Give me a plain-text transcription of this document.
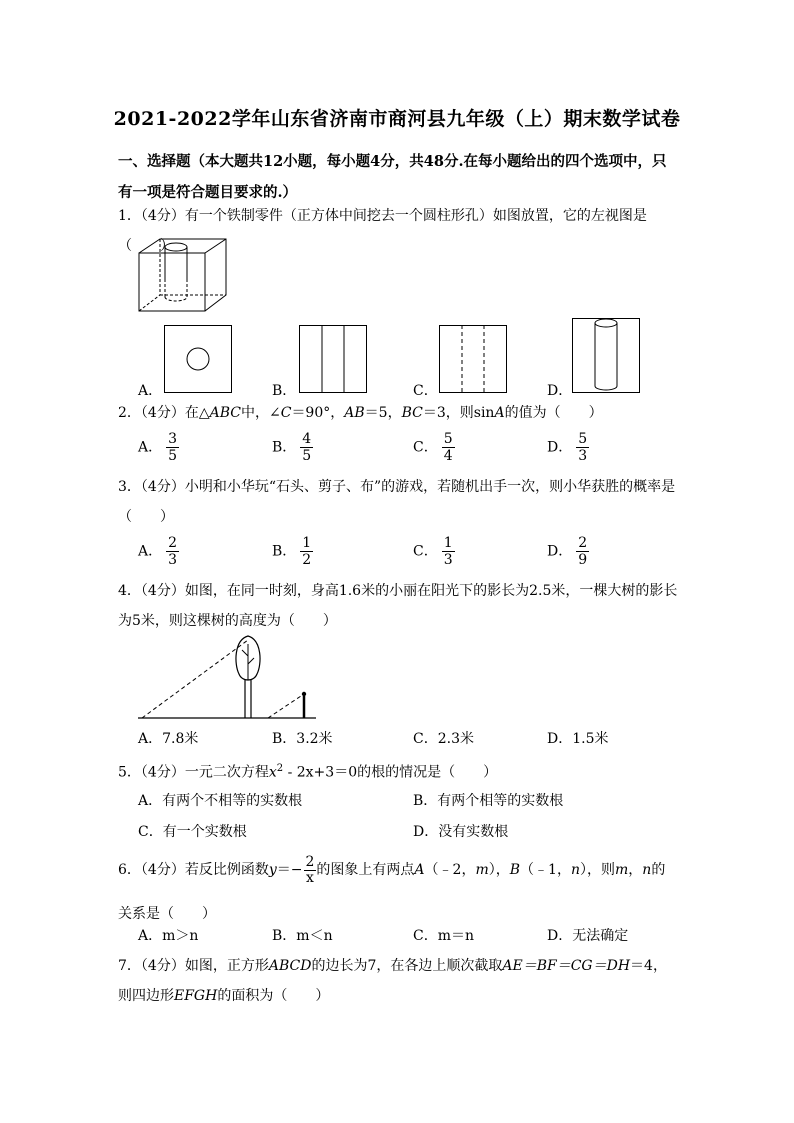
2021-2022学年山东省济南市商河县九年级（上）期末数学试卷
一、选择题（本大题共12小题，每小题4分，共48分.在每小题给出的四个选项中，只有一项是符合题目要求的.）
1．（4分）有一个铁制零件（正方体中间挖去一个圆柱形孔）如图放置，它的左视图是（　　）
A．	B．	C．	D．
2．（4分）在△ABC中，∠C＝90°，AB＝5，BC＝3，则sinA的值为（　　）
A． $\frac{3}{5}$	B． $\frac{4}{5}$	C． $\frac{5}{4}$	D． $\frac{5}{3}$
3．（4分）小明和小华玩“石头、剪子、布”的游戏，若随机出手一次，则小华获胜的概率是（　　）
A． $\frac{2}{3}$	B． $\frac{1}{2}$	C． $\frac{1}{3}$	D． $\frac{2}{9}$
4．（4分）如图，在同一时刻，身高1.6米的小丽在阳光下的影长为2.5米，一棵大树的影长为5米，则这棵树的高度为（　　）
A．7.8米	B．3.2米	C．2.3米	D．1.5米
5．（4分）一元二次方程$x^2 - 2x+3=0$的根的情况是（　　）
A．有两个不相等的实数根	B．有两个相等的实数根
C．有一个实数根	D．没有实数根
6．（4分）若反比例函数$y=- \frac{2}{x}$ 的图象上有两点A（﹣2，m），B（﹣1，n），则m，n的关系是（　　）
A．m＞n	B．m＜n	C．m＝n	D．无法确定
7．（4分）如图，正方形ABCD的边长为7，在各边上顺次截取AE＝BF＝CG＝DH＝4，则四边形EFGH的面积为（　　）
